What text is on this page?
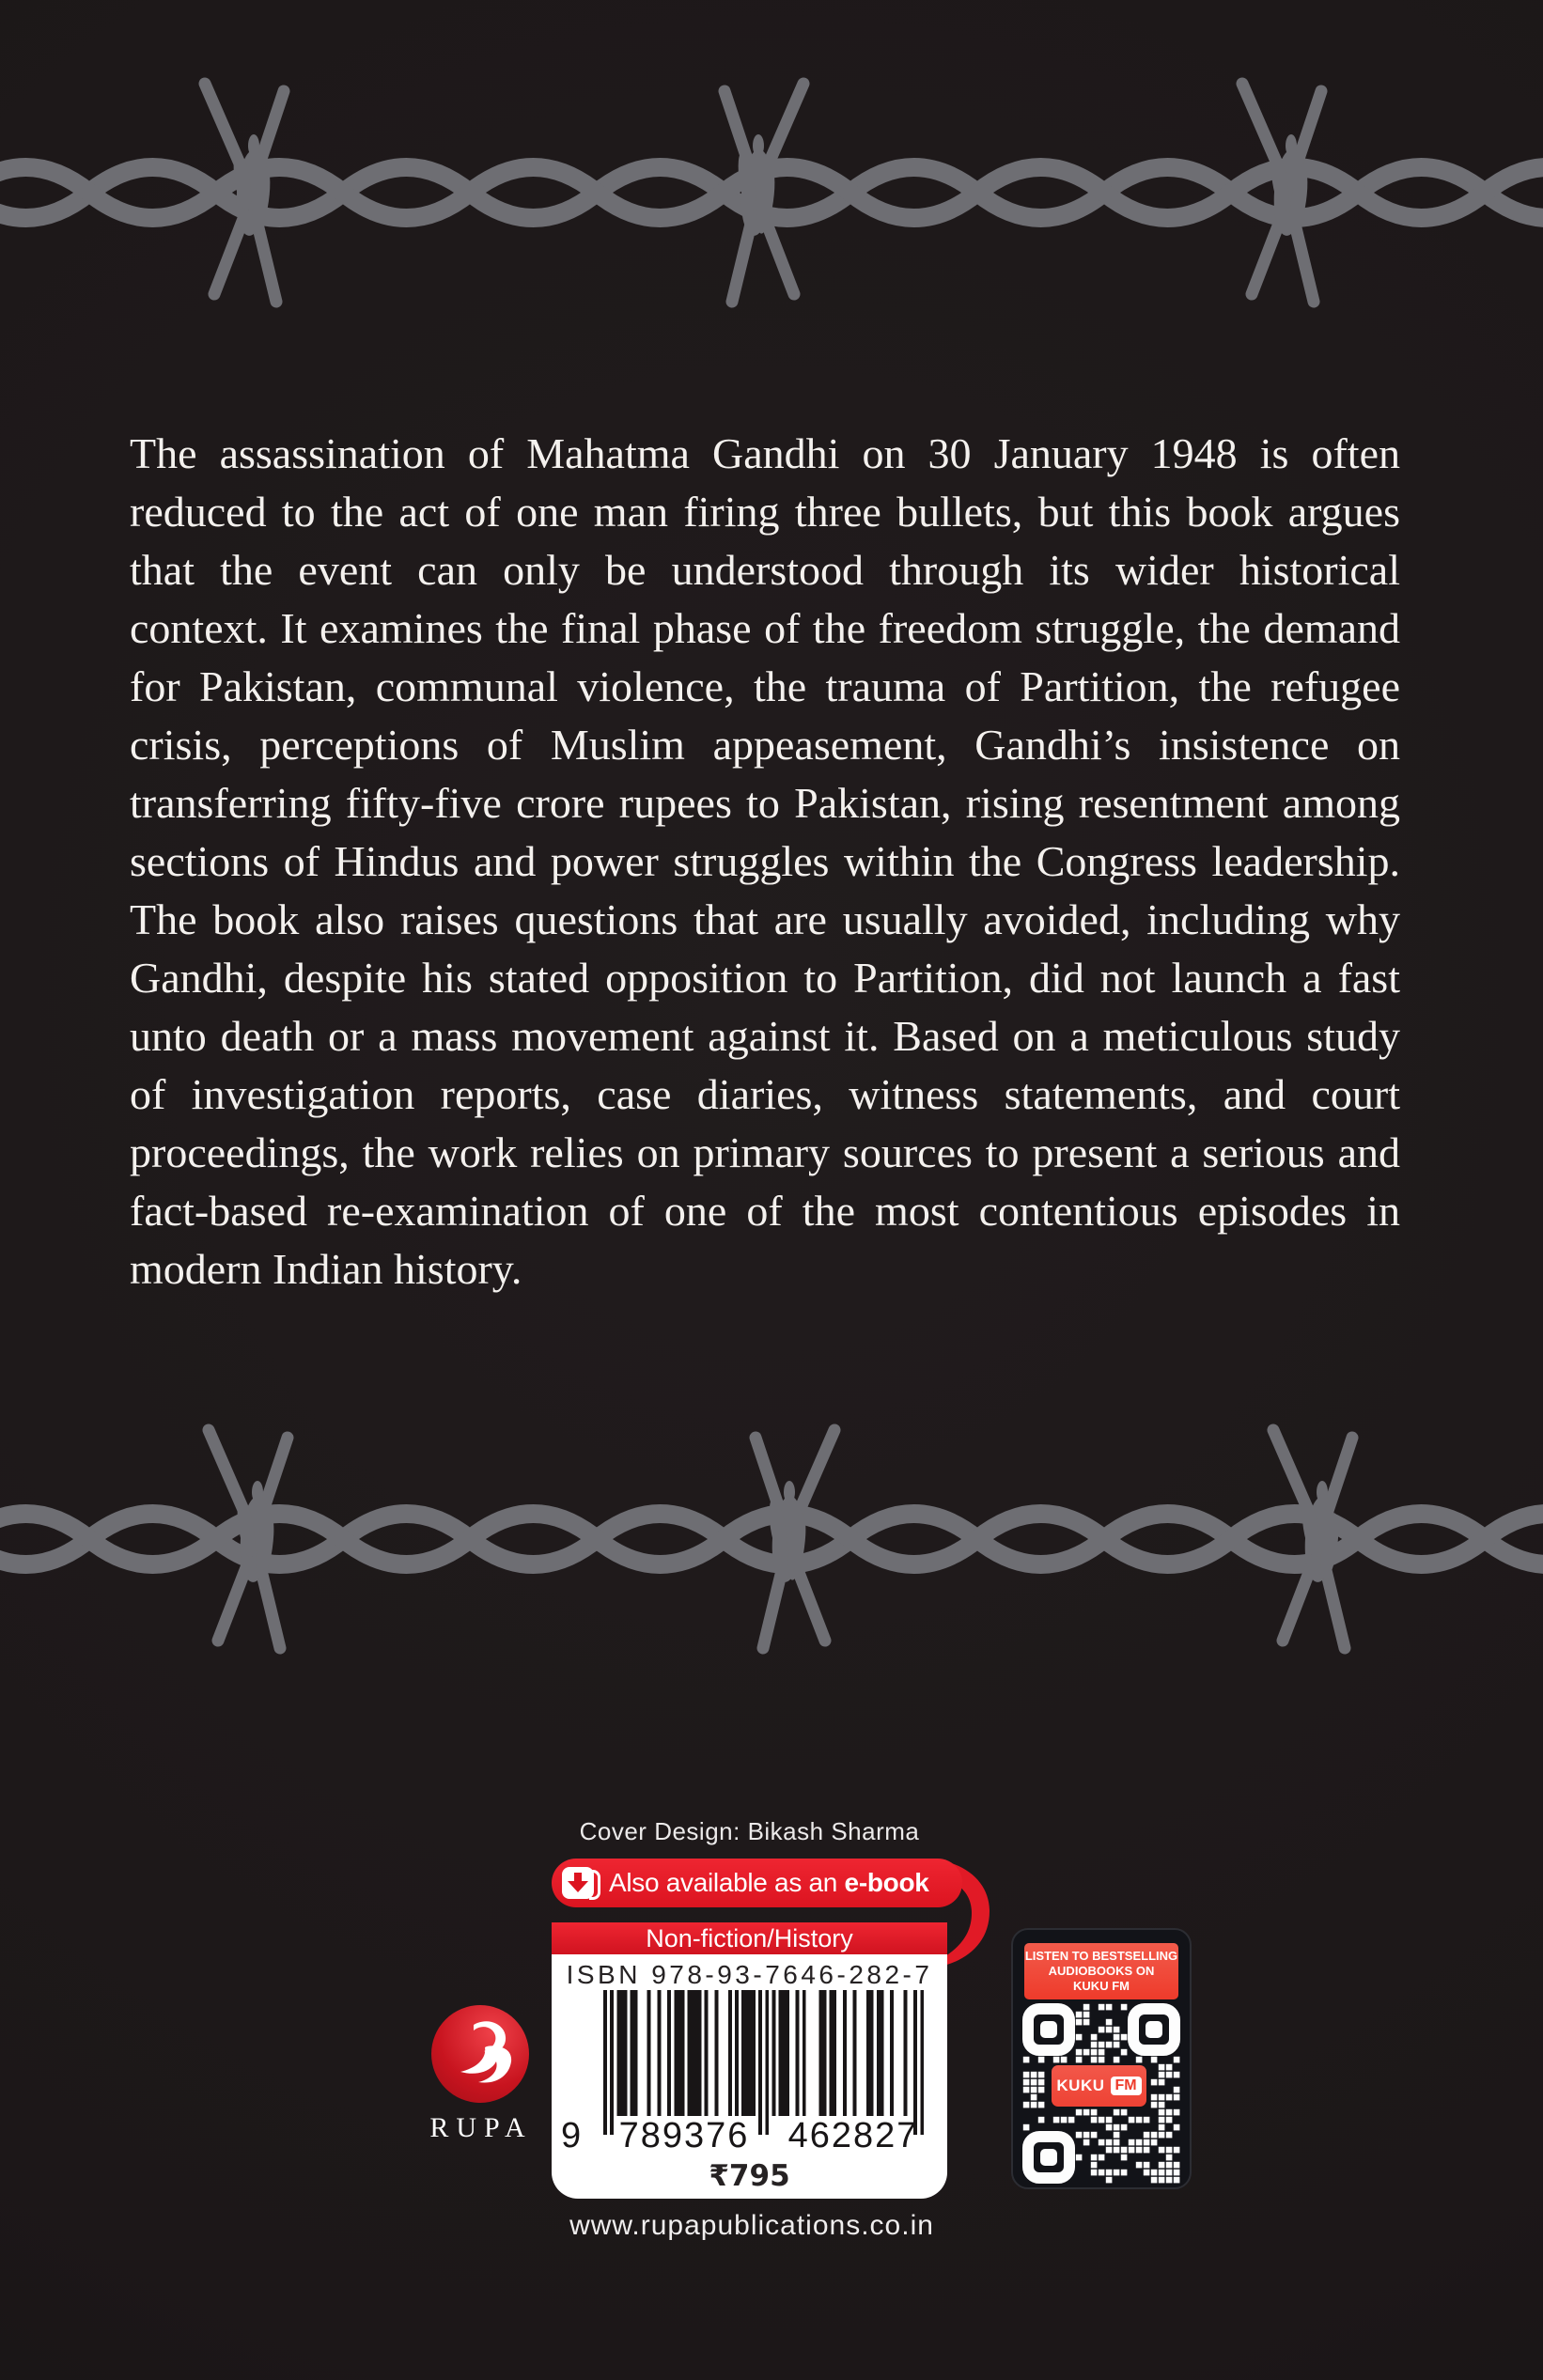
The assassination of Mahatma Gandhi on 30 January 1948 is often reduced to the act of one man firing three bullets, but this book argues that the event can only be understood through its wider historical context. It examines the final phase of the freedom struggle, the demand for Pakistan, communal violence, the trauma of Partition, the refugee crisis, perceptions of Muslim appeasement, Gandhi’s insistence on transferring fifty-five crore rupees to Pakistan, rising resentment among sections of Hindus and power struggles within the Congress leadership. The book also raises questions that are usually avoided, including why Gandhi, despite his stated opposition to Partition, did not launch a fast unto death or a mass movement against it. Based on a meticulous study of investigation reports, case diaries, witness statements, and court proceedings, the work relies on primary sources to present a serious and fact-based re-examination of one of the most contentious episodes in modern Indian history.
Cover Design: Bikash Sharma
Also available as an e-book
Non-fiction/History
ISBN 978-93-7646-282-7
9	789376	462827
₹795
www.rupapublications.co.in
RUPA
LISTEN TO BESTSELLING
AUDIOBOOKS ON
KUKU FM
KUKU FM
